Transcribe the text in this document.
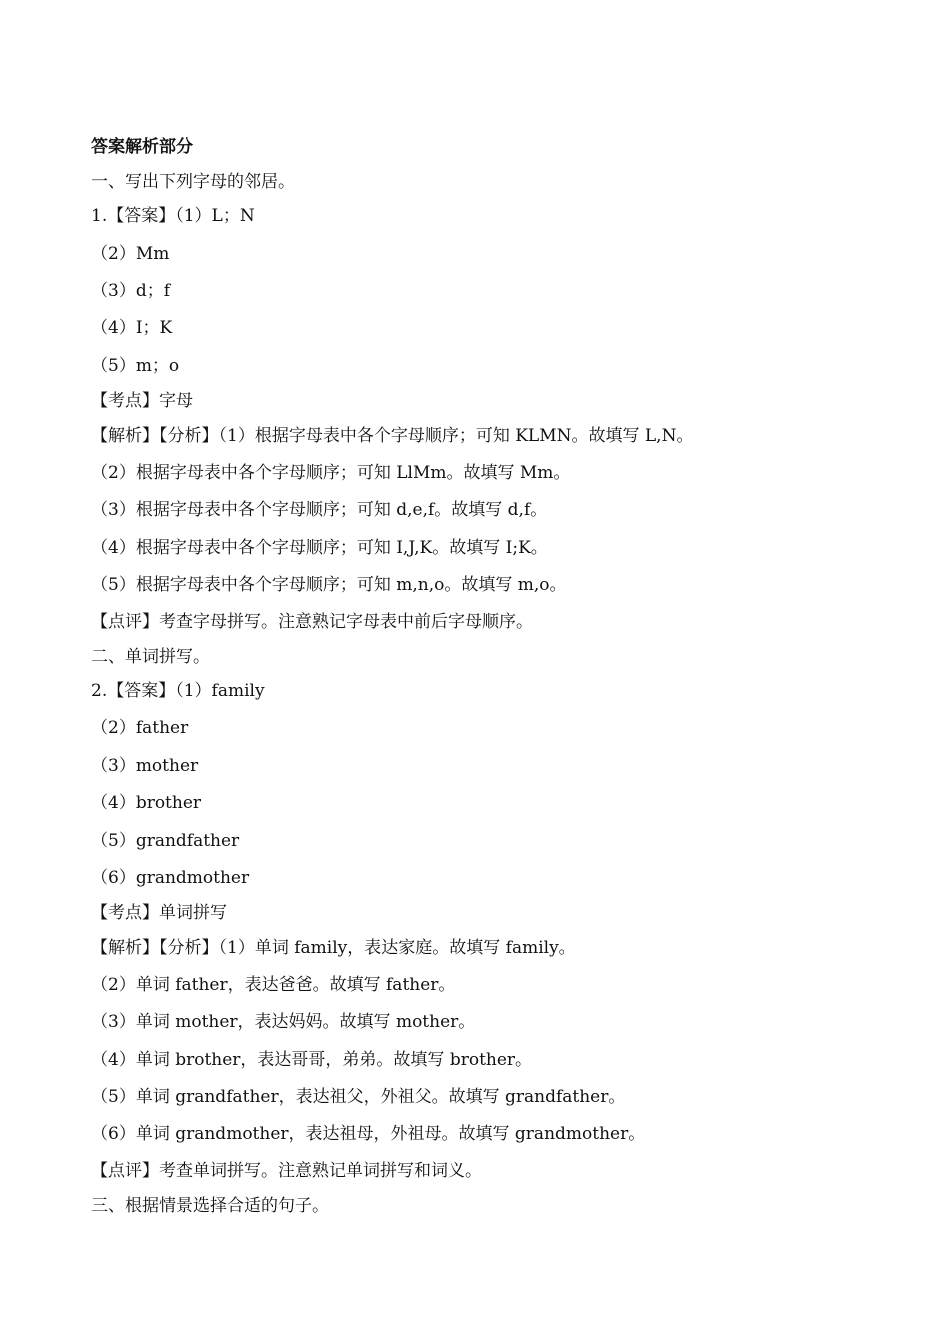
答案解析部分
一、写出下列字母的邻居。
1.【答案】（1）L；N
（2）Mm
（3）d；f
（4）I；K
（5）m；o
【考点】字母
【解析】【分析】（1）根据字母表中各个字母顺序；可知 KLMN。故填写 L,N。
（2）根据字母表中各个字母顺序；可知 LlMm。故填写 Mm。
（3）根据字母表中各个字母顺序；可知 d,e,f。故填写 d,f。
（4）根据字母表中各个字母顺序；可知 I,J,K。故填写 I;K。
（5）根据字母表中各个字母顺序；可知 m,n,o。故填写 m,o。
【点评】考查字母拼写。注意熟记字母表中前后字母顺序。
二、单词拼写。
2.【答案】（1）family
（2）father
（3）mother
（4）brother
（5）grandfather
（6）grandmother
【考点】单词拼写
【解析】【分析】（1）单词 family，表达家庭。故填写 family。
（2）单词 father，表达爸爸。故填写 father。
（3）单词 mother，表达妈妈。故填写 mother。
（4）单词 brother，表达哥哥，弟弟。故填写 brother。
（5）单词 grandfather，表达祖父，外祖父。故填写 grandfather。
（6）单词 grandmother，表达祖母，外祖母。故填写 grandmother。
【点评】考查单词拼写。注意熟记单词拼写和词义。
三、根据情景选择合适的句子。
